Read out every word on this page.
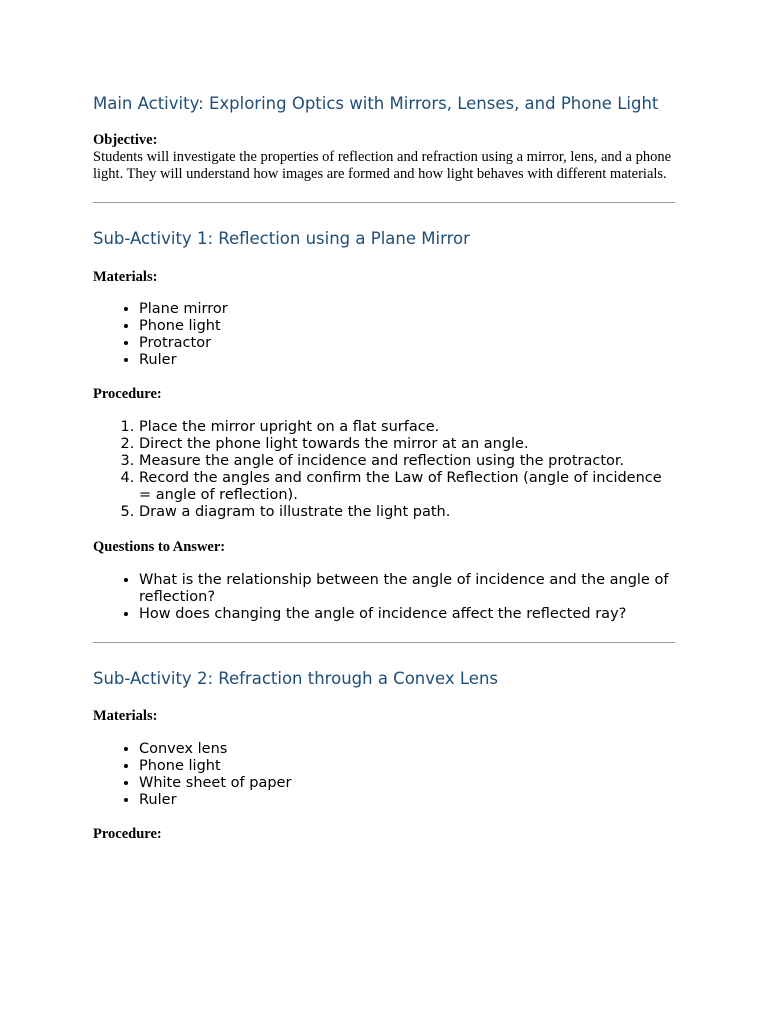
Main Activity: Exploring Optics with Mirrors, Lenses, and Phone Light

Objective:

Students will investigate the properties of reflection and refraction using a mirror, lens, and a phone light. They will understand how images are formed and how light behaves with different materials.

Sub-Activity 1: Reflection using a Plane Mirror

Materials:

• Plane mirror
• Phone light
• Protractor
• Ruler

Procedure:

1. Place the mirror upright on a flat surface.
2. Direct the phone light towards the mirror at an angle.
3. Measure the angle of incidence and reflection using the protractor.
4. Record the angles and confirm the Law of Reflection (angle of incidence = angle of reflection).
5. Draw a diagram to illustrate the light path.

Questions to Answer:

• What is the relationship between the angle of incidence and the angle of reflection?
• How does changing the angle of incidence affect the reflected ray?
Sub-Activity 2: Refraction through a Convex Lens

Materials:

• Convex lens
• Phone light
• White sheet of paper
• Ruler

Procedure:
